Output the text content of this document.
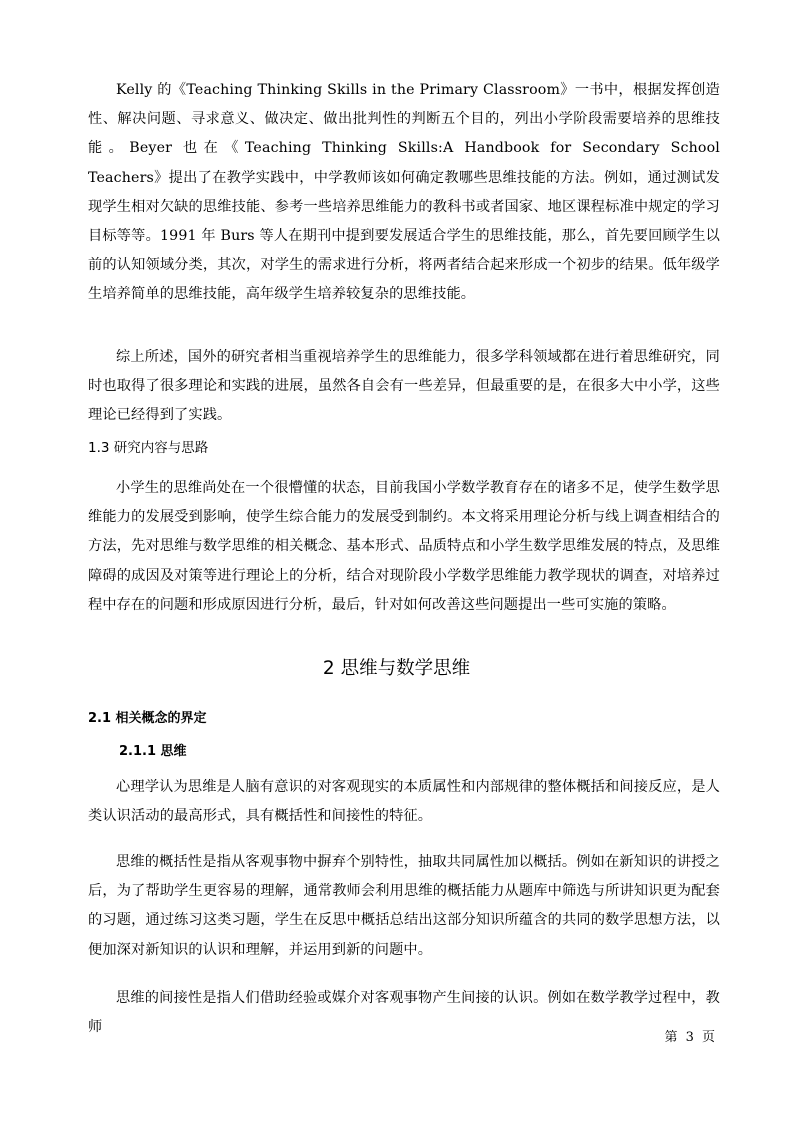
Kelly 的《Teaching Thinking Skills in the Primary Classroom》一书中，根据发挥创造性、解决问题、寻求意义、做决定、做出批判性的判断五个目的，列出小学阶段需要培养的思维技能。Beyer 也在《Teaching Thinking Skills:A Handbook for Secondary School Teachers》提出了在教学实践中，中学教师该如何确定教哪些思维技能的方法。例如，通过测试发现学生相对欠缺的思维技能、参考一些培养思维能力的教科书或者国家、地区课程标准中规定的学习目标等等。1991 年 Burs 等人在期刊中提到要发展适合学生的思维技能，那么，首先要回顾学生以前的认知领域分类，其次，对学生的需求进行分析，将两者结合起来形成一个初步的结果。低年级学生培养简单的思维技能，高年级学生培养较复杂的思维技能。

综上所述，国外的研究者相当重视培养学生的思维能力，很多学科领域都在进行着思维研究，同时也取得了很多理论和实践的进展，虽然各自会有一些差异，但最重要的是，在很多大中小学，这些理论已经得到了实践。

1.3 研究内容与思路

小学生的思维尚处在一个很懵懂的状态，目前我国小学数学教育存在的诸多不足，使学生数学思维能力的发展受到影响，使学生综合能力的发展受到制约。本文将采用理论分析与线上调查相结合的方法，先对思维与数学思维的相关概念、基本形式、品质特点和小学生数学思维发展的特点，及思维障碍的成因及对策等进行理论上的分析，结合对现阶段小学数学思维能力教学现状的调查，对培养过程中存在的问题和形成原因进行分析，最后，针对如何改善这些问题提出一些可实施的策略。

2 思维与数学思维
2.1 相关概念的界定
2.1.1 思维

心理学认为思维是人脑有意识的对客观现实的本质属性和内部规律的整体概括和间接反应，是人类认识活动的最高形式，具有概括性和间接性的特征。

思维的概括性是指从客观事物中摒弃个别特性，抽取共同属性加以概括。例如在新知识的讲授之后，为了帮助学生更容易的理解，通常教师会利用思维的概括能力从题库中筛选与所讲知识更为配套的习题，通过练习这类习题，学生在反思中概括总结出这部分知识所蕴含的共同的数学思想方法，以便加深对新知识的认识和理解，并运用到新的问题中。

思维的间接性是指人们借助经验或媒介对客观事物产生间接的认识。例如在数学教学过程中，教师

第 3 页
